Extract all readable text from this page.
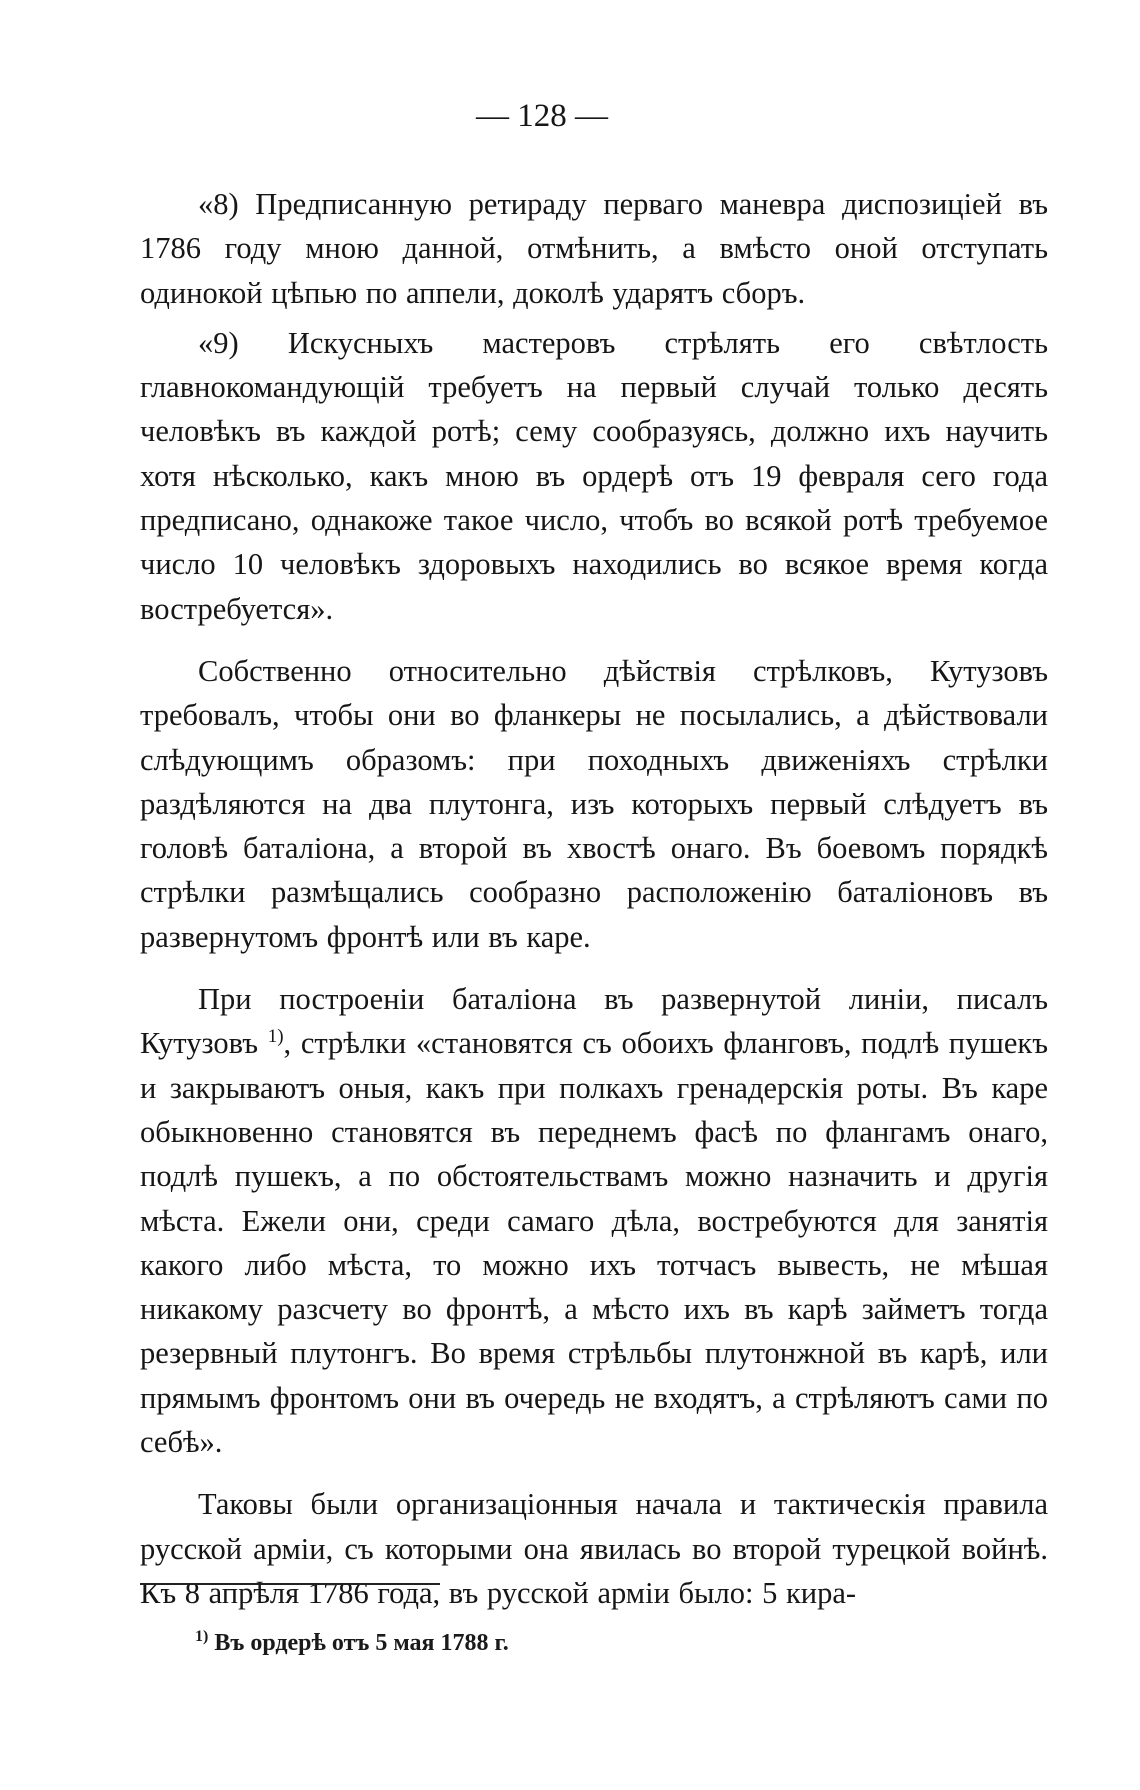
— 128 —

«8) Предписанную ретираду перваго маневра диспозиціей въ 1786 году мною данной, отмѣнить, а вмѣсто оной отступать одинокой цѣпью по аппели, доколѣ ударятъ сборъ.

«9) Искусныхъ мастеровъ стрѣлять его свѣтлость главнокомандующій требуетъ на первый случай только десять человѣкъ въ каждой ротѣ; сему сообразуясь, должно ихъ научить хотя нѣсколько, какъ мною въ ордерѣ отъ 19 февраля сего года предписано, однакоже такое число, чтобъ во всякой ротѣ требуемое число 10 человѣкъ здоровыхъ находились во всякое время когда востребуется».

Собственно относительно дѣйствія стрѣлковъ, Кутузовъ требовалъ, чтобы они во фланкеры не посылались, а дѣйствовали слѣдующимъ образомъ: при походныхъ движеніяхъ стрѣлки раздѣляются на два плутонга, изъ которыхъ первый слѣдуетъ въ головѣ баталіона, а второй въ хвостѣ онаго. Въ боевомъ порядкѣ стрѣлки размѣщались сообразно расположенію баталіоновъ въ развернутомъ фронтѣ или въ каре.

При построеніи баталіона въ развернутой линіи, писалъ Кутузовъ $^{1)}$, стрѣлки «становятся съ обоихъ фланговъ, подлѣ пушекъ и закрываютъ оныя, какъ при полкахъ гренадерскія роты. Въ каре обыкновенно становятся въ переднемъ фасѣ по флангамъ онаго, подлѣ пушекъ, а по обстоятельствамъ можно назначить и другія мѣста. Ежели они, среди самаго дѣла, востребуются для занятія какого либо мѣста, то можно ихъ тотчасъ вывесть, не мѣшая никакому разсчету во фронтѣ, а мѣсто ихъ въ карѣ займетъ тогда резервный плутонгъ. Во время стрѣльбы плутонжной въ карѣ, или прямымъ фронтомъ они въ очередь не входятъ, а стрѣляютъ сами по себѣ».

Таковы были организаціонныя начала и тактическія правила русской арміи, съ которыми она явилась во второй турецкой войнѣ. Къ 8 апрѣля 1786 года, въ русской арміи было: 5 кира-

$^{1)}$ Въ ордерѣ отъ 5 мая 1788 г.
